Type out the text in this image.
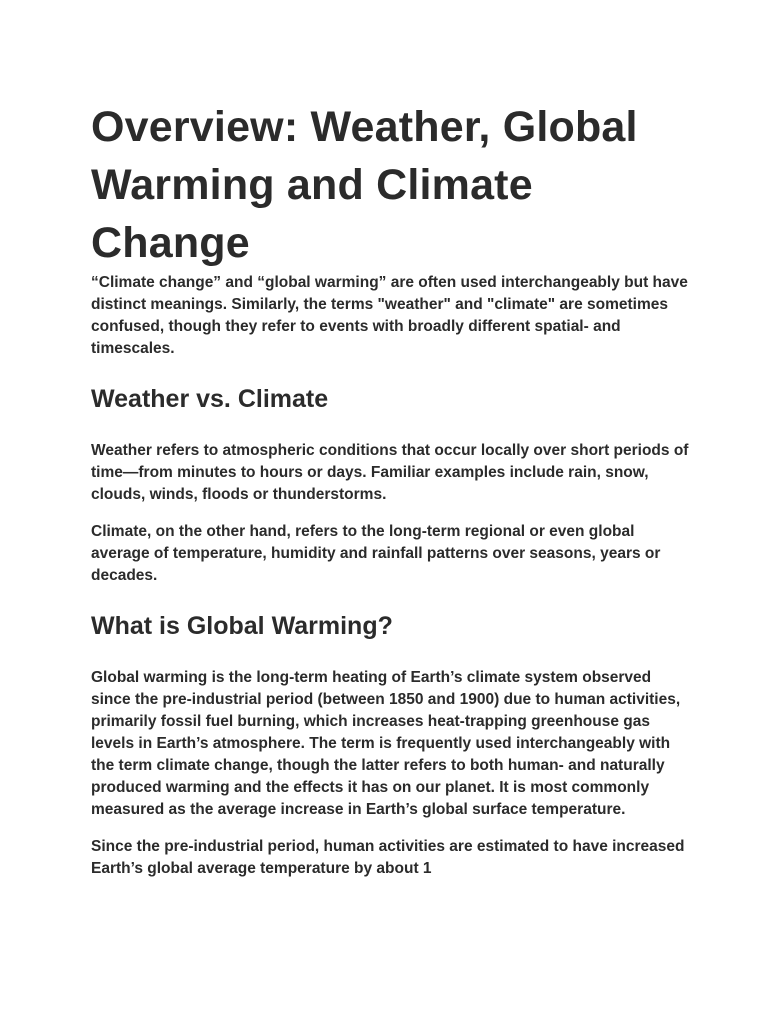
Overview: Weather, Global Warming and Climate Change

“Climate change” and “global warming” are often used interchangeably but have distinct meanings. Similarly, the terms "weather" and "climate" are sometimes confused, though they refer to events with broadly different spatial- and timescales.

Weather vs. Climate

Weather refers to atmospheric conditions that occur locally over short periods of time—from minutes to hours or days. Familiar examples include rain, snow, clouds, winds, floods or thunderstorms.

Climate, on the other hand, refers to the long-term regional or even global average of temperature, humidity and rainfall patterns over seasons, years or decades.

What is Global Warming?

Global warming is the long-term heating of Earth’s climate system observed since the pre-industrial period (between 1850 and 1900) due to human activities, primarily fossil fuel burning, which increases heat-trapping greenhouse gas levels in Earth’s atmosphere. The term is frequently used interchangeably with the term climate change, though the latter refers to both human- and naturally produced warming and the effects it has on our planet. It is most commonly measured as the average increase in Earth’s global surface temperature.

Since the pre-industrial period, human activities are estimated to have increased Earth’s global average temperature by about 1
